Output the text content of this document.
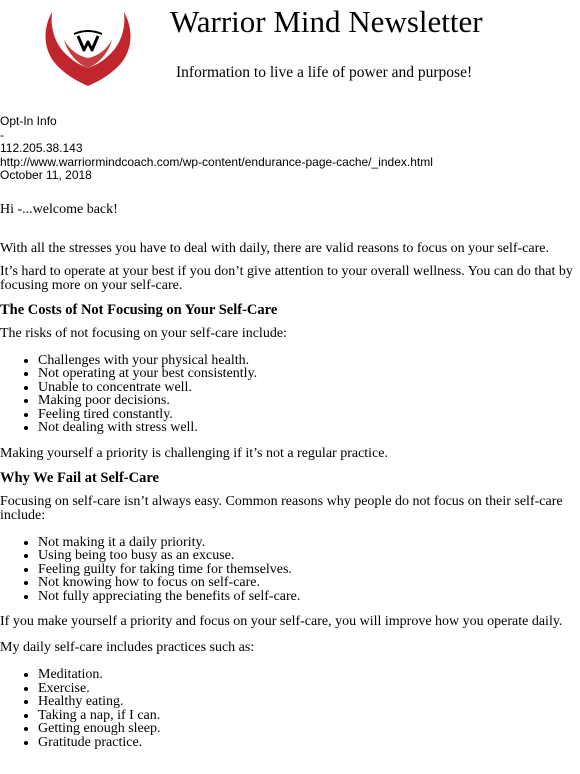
Warrior Mind Newsletter
Information to live a life of power and purpose!
Opt-In Info
-
112.205.38.143
http://www.warriormindcoach.com/wp-content/endurance-page-cache/_index.html
October 11, 2018

Hi -...welcome back!

With all the stresses you have to deal with daily, there are valid reasons to focus on your self-care.

It’s hard to operate at your best if you don’t give attention to your overall wellness. You can do that by focusing more on your self-care.

The Costs of Not Focusing on Your Self-Care

The risks of not focusing on your self-care include:

• Challenges with your physical health.
• Not operating at your best consistently.
• Unable to concentrate well.
• Making poor decisions.
• Feeling tired constantly.
• Not dealing with stress well.

Making yourself a priority is challenging if it’s not a regular practice.

Why We Fail at Self-Care

Focusing on self-care isn’t always easy. Common reasons why people do not focus on their self-care include:

• Not making it a daily priority.
• Using being too busy as an excuse.
• Feeling guilty for taking time for themselves.
• Not knowing how to focus on self-care.
• Not fully appreciating the benefits of self-care.

If you make yourself a priority and focus on your self-care, you will improve how you operate daily.

My daily self-care includes practices such as:

• Meditation.
• Exercise.
• Healthy eating.
• Taking a nap, if I can.
• Getting enough sleep.
• Gratitude practice.
